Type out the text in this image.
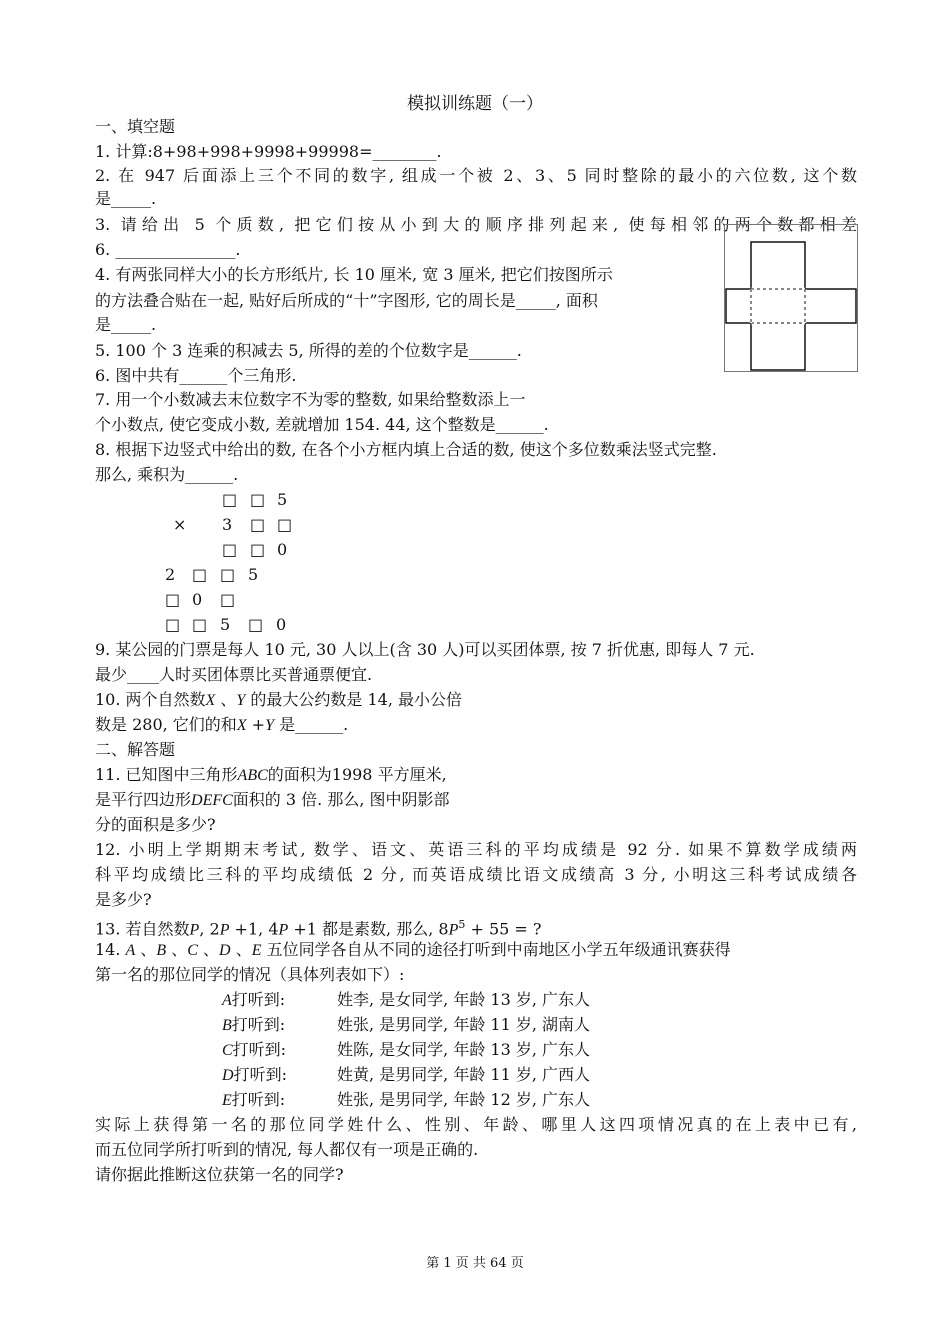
模拟训练题（一）
一、填空题
1. 计算:8+98+998+9998+99998=________.
2. 在 947 后面添上三个不同的数字, 组成一个被 2、3、5 同时整除的最小的六位数, 这个数
是_____.
3. 请给出 5 个质数, 把它们按从小到大的顺序排列起来, 使每相邻的两个数都相差
6. _______________.
4. 有两张同样大小的长方形纸片, 长 10 厘米, 宽 3 厘米, 把它们按图所示
的方法叠合贴在一起, 贴好后所成的“十”字图形, 它的周长是_____, 面积
是_____.
5. 100 个 3 连乘的积减去 5, 所得的差的个位数字是______.
6. 图中共有______个三角形.
7. 用一个小数减去末位数字不为零的整数, 如果给整数添上一
个小数点, 使它变成小数, 差就增加 154. 44, 这个整数是______.
8. 根据下边竖式中给出的数, 在各个小方框内填上合适的数, 使这个多位数乘法竖式完整.
那么, 乘积为______.
□ □ 5
× 3 □ □
□ □ 0
2 □ □ 5
□ 0 □
□ □ 5 □ 0
9. 某公园的门票是每人 10 元, 30 人以上(含 30 人)可以买团体票, 按 7 折优惠, 即每人 7 元.
最少____人时买团体票比买普通票便宜.
10. 两个自然数X 、Y 的最大公约数是 14, 最小公倍
数是 280, 它们的和X +Y 是______.
二、解答题
11. 已知图中三角形ABC的面积为1998 平方厘米,
是平行四边形DEFC面积的 3 倍. 那么, 图中阴影部
分的面积是多少?
12. 小明上学期期末考试, 数学、语文、英语三科的平均成绩是 92 分. 如果不算数学成绩两
科平均成绩比三科的平均成绩低 2 分, 而英语成绩比语文成绩高 3 分, 小明这三科考试成绩各
是多少?
13. 若自然数P, 2P +1, 4P +1 都是素数, 那么, $8P^5 + 55$ = ?
14. A 、B 、C 、D 、E 五位同学各自从不同的途径打听到中南地区小学五年级通讯赛获得
第一名的那位同学的情况（具体列表如下）:
A打听到:	姓李, 是女同学, 年龄 13 岁, 广东人
B打听到:	姓张, 是男同学, 年龄 11 岁, 湖南人
C打听到:	姓陈, 是女同学, 年龄 13 岁, 广东人
D打听到:	姓黄, 是男同学, 年龄 11 岁, 广西人
E打听到:	姓张, 是男同学, 年龄 12 岁, 广东人
实际上获得第一名的那位同学姓什么、性别、年龄、哪里人这四项情况真的在上表中已有,
而五位同学所打听到的情况, 每人都仅有一项是正确的.
请你据此推断这位获第一名的同学?
第 1 页 共 64 页
